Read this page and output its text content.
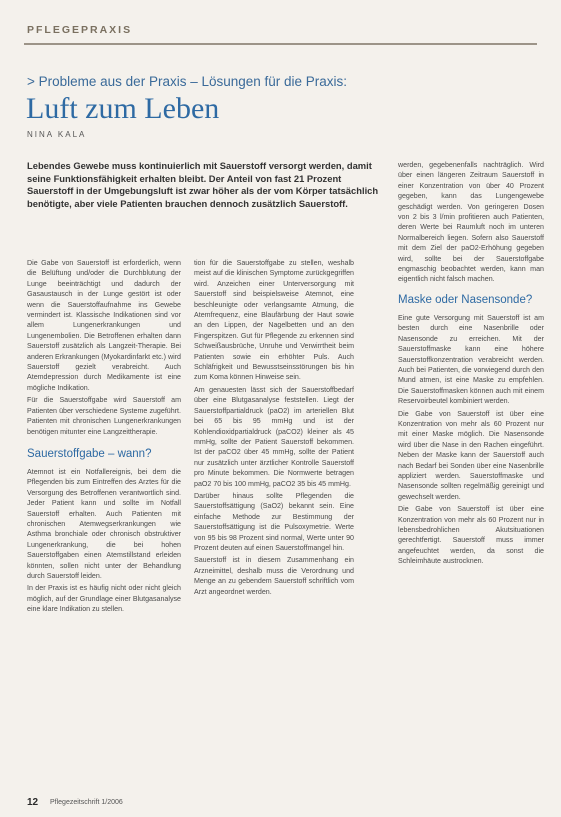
PFLEGEPRAXIS
> Probleme aus der Praxis – Lösungen für die Praxis:
Luft zum Leben
NINA KALA

Lebendes Gewebe muss kontinuierlich mit Sauerstoff versorgt werden, damit seine Funktionsfähigkeit erhalten bleibt. Der Anteil von fast 21 Prozent Sauerstoff in der Umgebungsluft ist zwar höher als der vom Körper tatsächlich benötigte, aber viele Patienten brauchen dennoch zusätzlich Sauerstoff.

Die Gabe von Sauerstoff ist erforderlich, wenn die Belüftung und/oder die Durchblutung der Lunge beeinträchtigt und dadurch der Gasaustausch in der Lunge gestört ist oder wenn die Sauerstoffaufnahme ins Gewebe vermindert ist. Klassische Indikationen sind vor allem Lungenerkrankungen und Lungenembolien. Die Betroffenen erhalten dann Sauerstoff zusätzlich als Langzeit-Therapie. Bei anderen Erkrankungen (Myokardinfarkt etc.) wird Sauerstoff gezielt verabreicht. Auch Atemdepression durch Medikamente ist eine mögliche Indikation.

Für die Sauerstoffgabe wird Sauerstoff am Patienten über verschiedene Systeme zugeführt. Patienten mit chronischen Lungenerkrankungen benötigen mitunter eine Langzeittherapie.

Sauerstoffgabe – wann?

Atemnot ist ein Notfallereignis, bei dem die Pflegenden bis zum Eintreffen des Arztes für die Versorgung des Betroffenen verantwortlich sind. Jeder Patient kann und sollte im Notfall Sauerstoff erhalten. Auch Patienten mit chronischen Atemwegserkrankungen wie Asthma bronchiale oder chronisch obstruktiver Lungenerkrankung, die bei hohen Sauerstoffgaben einen Atemstillstand erleiden könnten, sollen nicht unter der Behandlung durch Sauerstoff leiden.

In der Praxis ist es häufig nicht oder nicht gleich möglich, auf der Grundlage einer Blutgasanalyse eine klare Indikation zu stellen.

tion für die Sauerstoffgabe zu stellen, weshalb meist auf die klinischen Symptome zurückgegriffen wird. Anzeichen einer Unterversorgung mit Sauerstoff sind beispielsweise Atemnot, eine beschleunigte oder verlangsamte Atmung, die Atemfrequenz, eine Blaufärbung der Haut sowie an den Lippen, der Nagelbetten und an den Fingerspitzen. Gut für Pflegende zu erkennen sind Schweißausbrüche, Unruhe und Verwirrtheit beim Patienten sowie ein erhöhter Puls. Auch Schläfrigkeit und Bewusstseinsstörungen bis hin zum Koma können Hinweise sein.

Am genauesten lässt sich der Sauerstoffbedarf über eine Blutgasanalyse feststellen. Liegt der Sauerstoffpartialdruck (paO2) im arteriellen Blut bei 65 bis 95 mmHg und ist der Kohlendioxidpartialdruck (paCO2) kleiner als 45 mmHg, sollte der Patient Sauerstoff bekommen. Ist der paCO2 über 45 mmHg, sollte der Patient nur zusätzlich unter ärztlicher Kontrolle Sauerstoff pro Minute bekommen. Die Normwerte betragen paO2 70 bis 100 mmHg, paCO2 35 bis 45 mmHg.

Darüber hinaus sollte Pflegenden die Sauerstoffsättigung (SaO2) bekannt sein. Eine einfache Methode zur Bestimmung der Sauerstoffsättigung ist die Pulsoxymetrie. Werte von 95 bis 98 Prozent sind normal, Werte unter 90 Prozent deuten auf einen Sauerstoffmangel hin.

Sauerstoff ist in diesem Zusammenhang ein Arzneimittel, deshalb muss die Verordnung und Menge an zu gebendem Sauerstoff schriftlich vom Arzt angeordnet werden.

werden, gegebenenfalls nachträglich. Wird über einen längeren Zeitraum Sauerstoff in einer Konzentration von über 40 Prozent gegeben, kann das Lungengewebe geschädigt werden. Von geringeren Dosen von 2 bis 3 l/min profitieren auch Patienten, deren Werte bei Raumluft noch im unteren Normalbereich liegen. Sofern also Sauerstoff mit dem Ziel der paO2-Erhöhung gegeben wird, sollte bei der Sauerstoffgabe engmaschig beobachtet werden, kann man eigentlich nicht falsch machen.

Maske oder Nasensonde?

Eine gute Versorgung mit Sauerstoff ist am besten durch eine Nasenbrille oder Nasensonde zu erreichen. Mit der Sauerstoffmaske kann eine höhere Sauerstoffkonzentration verabreicht werden. Auch bei Patienten, die vorwiegend durch den Mund atmen, ist eine Maske zu empfehlen. Die Sauerstoffmasken können auch mit einem Reservoirbeutel kombiniert werden.

Die Gabe von Sauerstoff ist über eine Konzentration von mehr als 60 Prozent nur mit einer Maske möglich. Die Nasensonde wird über die Nase in den Rachen eingeführt. Neben der Maske kann der Sauerstoff auch nach Bedarf bei Sonden über eine Nasenbrille appliziert werden. Sauerstoffmaske und Nasensonde sollten regelmäßig gereinigt und gewechselt werden.

Die Gabe von Sauerstoff ist über eine Konzentration von mehr als 60 Prozent nur in lebensbedrohlichen Akutsituationen gerechtfertigt. Sauerstoff muss immer angefeuchtet werden, da sonst die Schleimhäute austrocknen.

12 Pflegezeitschrift 1/2006
